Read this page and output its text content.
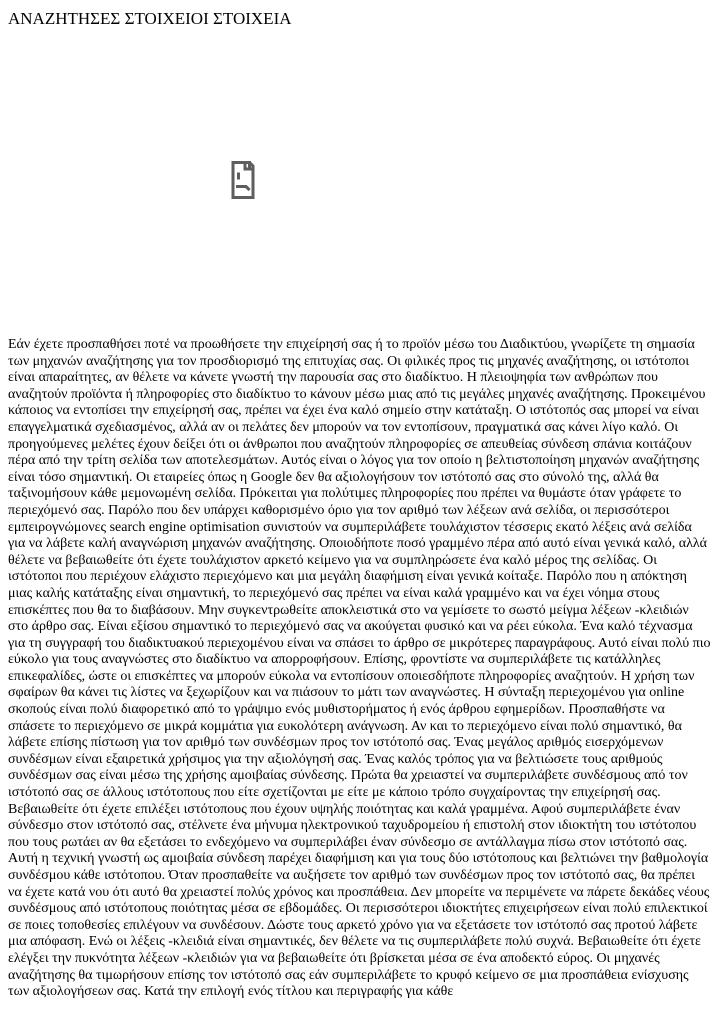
ΑΝΑΖΗΤΗΣΕΣ ΣΤΟΙΧΕΙΟΙ ΣΤΟΙΧΕΙΑ

Εάν έχετε προσπαθήσει ποτέ να προωθήσετε την επιχείρησή σας ή το προϊόν μέσω του Διαδικτύου, γνωρίζετε τη σημασία των μηχανών αναζήτησης για τον προσδιορισμό της επιτυχίας σας. Οι φιλικές προς τις μηχανές αναζήτησης, οι ιστότοποι είναι απαραίτητες, αν θέλετε να κάνετε γνωστή την παρουσία σας στο διαδίκτυο. Η πλειοψηφία των ανθρώπων που αναζητούν προϊόντα ή πληροφορίες στο διαδίκτυο το κάνουν μέσω μιας από τις μεγάλες μηχανές αναζήτησης. Προκειμένου κάποιος να εντοπίσει την επιχείρησή σας, πρέπει να έχει ένα καλό σημείο στην κατάταξη. Ο ιστότοπός σας μπορεί να είναι επαγγελματικά σχεδιασμένος, αλλά αν οι πελάτες δεν μπορούν να τον εντοπίσουν, πραγματικά σας κάνει λίγο καλό. Οι προηγούμενες μελέτες έχουν δείξει ότι οι άνθρωποι που αναζητούν πληροφορίες σε απευθείας σύνδεση σπάνια κοιτάζουν πέρα από την τρίτη σελίδα των αποτελεσμάτων. Αυτός είναι ο λόγος για τον οποίο η βελτιστοποίηση μηχανών αναζήτησης είναι τόσο σημαντική. Οι εταιρείες όπως η Google δεν θα αξιολογήσουν τον ιστότοπό σας στο σύνολό της, αλλά θα ταξινομήσουν κάθε μεμονωμένη σελίδα. Πρόκειται για πολύτιμες πληροφορίες που πρέπει να θυμάστε όταν γράφετε το περιεχόμενό σας. Παρόλο που δεν υπάρχει καθορισμένο όριο για τον αριθμό των λέξεων ανά σελίδα, οι περισσότεροι εμπειρογνώμονες search engine optimisation συνιστούν να συμπεριλάβετε τουλάχιστον τέσσερις εκατό λέξεις ανά σελίδα για να λάβετε καλή αναγνώριση μηχανών αναζήτησης. Οποιοδήποτε ποσό γραμμένο πέρα από αυτό είναι γενικά καλό, αλλά θέλετε να βεβαιωθείτε ότι έχετε τουλάχιστον αρκετό κείμενο για να συμπληρώσετε ένα καλό μέρος της σελίδας. Οι ιστότοποι που περιέχουν ελάχιστο περιεχόμενο και μια μεγάλη διαφήμιση είναι γενικά κοίταξε. Παρόλο που η απόκτηση μιας καλής κατάταξης είναι σημαντική, το περιεχόμενό σας πρέπει να είναι καλά γραμμένο και να έχει νόημα στους επισκέπτες που θα το διαβάσουν. Μην συγκεντρωθείτε αποκλειστικά στο να γεμίσετε το σωστό μείγμα λέξεων -κλειδιών στο άρθρο σας. Είναι εξίσου σημαντικό το περιεχόμενό σας να ακούγεται φυσικό και να ρέει εύκολα. Ένα καλό τέχνασμα για τη συγγραφή του διαδικτυακού περιεχομένου είναι να σπάσει το άρθρο σε μικρότερες παραγράφους. Αυτό είναι πολύ πιο εύκολο για τους αναγνώστες στο διαδίκτυο να απορροφήσουν. Επίσης, φροντίστε να συμπεριλάβετε τις κατάλληλες επικεφαλίδες, ώστε οι επισκέπτες να μπορούν εύκολα να εντοπίσουν οποιεσδήποτε πληροφορίες αναζητούν. Η χρήση των σφαίρων θα κάνει τις λίστες να ξεχωρίζουν και να πιάσουν το μάτι των αναγνώστες. Η σύνταξη περιεχομένου για online σκοπούς είναι πολύ διαφορετικό από το γράψιμο ενός μυθιστορήματος ή ενός άρθρου εφημερίδων. Προσπαθήστε να σπάσετε το περιεχόμενο σε μικρά κομμάτια για ευκολότερη ανάγνωση. Αν και το περιεχόμενο είναι πολύ σημαντικό, θα λάβετε επίσης πίστωση για τον αριθμό των συνδέσμων προς τον ιστότοπό σας. Ένας μεγάλος αριθμός εισερχόμενων συνδέσμων είναι εξαιρετικά χρήσιμος για την αξιολόγησή σας. Ένας καλός τρόπος για να βελτιώσετε τους αριθμούς συνδέσμων σας είναι μέσω της χρήσης αμοιβαίας σύνδεσης. Πρώτα θα χρειαστεί να συμπεριλάβετε συνδέσμους από τον ιστότοπό σας σε άλλους ιστότοπους που είτε σχετίζονται με είτε με κάποιο τρόπο συγχαίροντας την επιχείρησή σας. Βεβαιωθείτε ότι έχετε επιλέξει ιστότοπους που έχουν υψηλής ποιότητας και καλά γραμμένα. Αφού συμπεριλάβετε έναν σύνδεσμο στον ιστότοπό σας, στέλνετε ένα μήνυμα ηλεκτρονικού ταχυδρομείου ή επιστολή στον ιδιοκτήτη του ιστότοπου που τους ρωτάει αν θα εξετάσει το ενδεχόμενο να συμπεριλάβει έναν σύνδεσμο σε αντάλλαγμα πίσω στον ιστότοπό σας. Αυτή η τεχνική γνωστή ως αμοιβαία σύνδεση παρέχει διαφήμιση και για τους δύο ιστότοπους και βελτιώνει την βαθμολογία συνδέσμου κάθε ιστότοπου. Όταν προσπαθείτε να αυξήσετε τον αριθμό των συνδέσμων προς τον ιστότοπό σας, θα πρέπει να έχετε κατά νου ότι αυτό θα χρειαστεί πολύς χρόνος και προσπάθεια. Δεν μπορείτε να περιμένετε να πάρετε δεκάδες νέους συνδέσμους από ιστότοπους ποιότητας μέσα σε εβδομάδες. Οι περισσότεροι ιδιοκτήτες επιχειρήσεων είναι πολύ επιλεκτικοί σε ποιες τοποθεσίες επιλέγουν να συνδέσουν. Δώστε τους αρκετό χρόνο για να εξετάσετε τον ιστότοπό σας προτού λάβετε μια απόφαση. Ενώ οι λέξεις -κλειδιά είναι σημαντικές, δεν θέλετε να τις συμπεριλάβετε πολύ συχνά. Βεβαιωθείτε ότι έχετε ελέγξει την πυκνότητα λέξεων -κλειδιών για να βεβαιωθείτε ότι βρίσκεται μέσα σε ένα αποδεκτό εύρος. Οι μηχανές αναζήτησης θα τιμωρήσουν επίσης τον ιστότοπό σας εάν συμπεριλάβετε το κρυφό κείμενο σε μια προσπάθεια ενίσχυσης των αξιολογήσεων σας. Κατά την επιλογή ενός τίτλου και περιγραφής για κάθε
